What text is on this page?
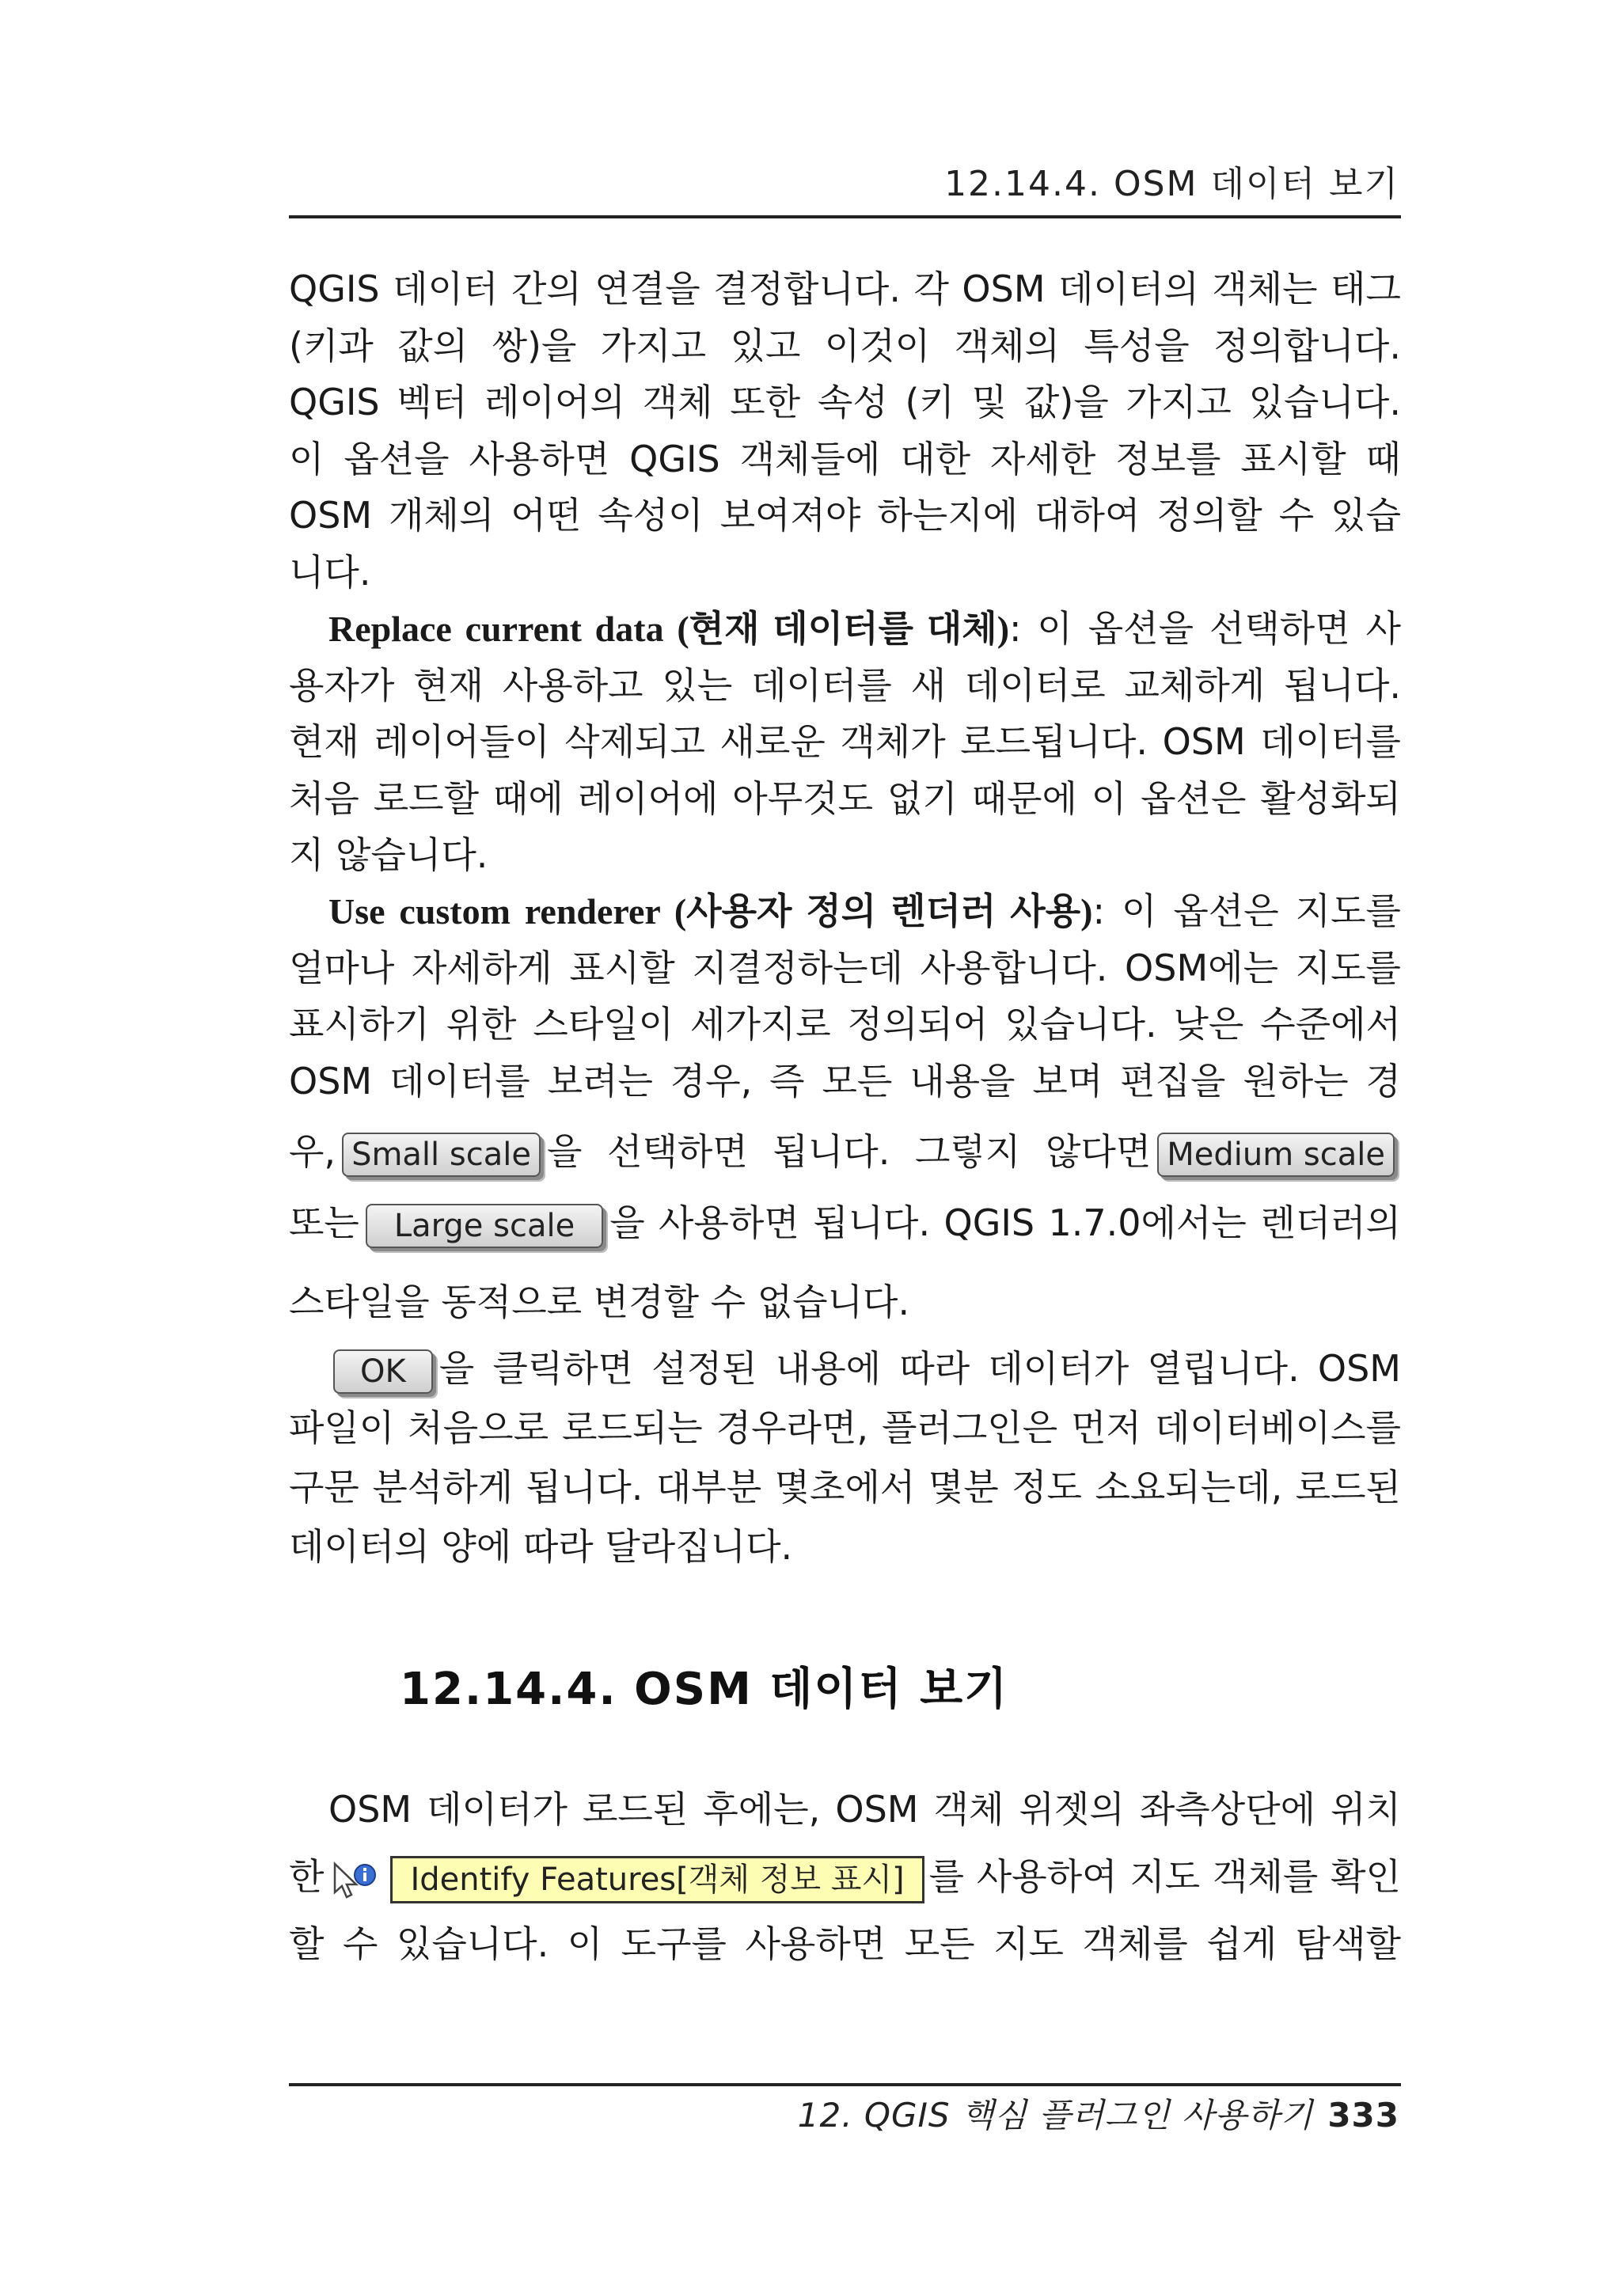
12.14.4. OSM 데이터 보기
QGIS 데이터 간의 연결을 결정합니다. 각 OSM 데이터의 객체는 태그
(키과 값의 쌍)을 가지고 있고 이것이 객체의 특성을 정의합니다.
QGIS 벡터 레이어의 객체 또한 속성 (키 및 값)을 가지고 있습니다.
이 옵션을 사용하면 QGIS 객체들에 대한 자세한 정보를 표시할 때
OSM 개체의 어떤 속성이 보여져야 하는지에 대하여 정의할 수 있습
니다.
Replace current data (현재 데이터를 대체): 이 옵션을 선택하면 사
용자가 현재 사용하고 있는 데이터를 새 데이터로 교체하게 됩니다.
현재 레이어들이 삭제되고 새로운 객체가 로드됩니다. OSM 데이터를
처음 로드할 때에 레이어에 아무것도 없기 때문에 이 옵션은 활성화되
지 않습니다.
Use custom renderer (사용자 정의 렌더러 사용): 이 옵션은 지도를
얼마나 자세하게 표시할 지결정하는데 사용합니다. OSM에는 지도를
표시하기 위한 스타일이 세가지로 정의되어 있습니다. 낮은 수준에서
OSM 데이터를 보려는 경우, 즉 모든 내용을 보며 편집을 원하는 경
우, Small scale 을 선택하면 됩니다. 그렇지 않다면 Medium scale
또는 Large scale 을 사용하면 됩니다. QGIS 1.7.0에서는 렌더러의
스타일을 동적으로 변경할 수 없습니다.
OK 을 클릭하면 설정된 내용에 따라 데이터가 열립니다. OSM
파일이 처음으로 로드되는 경우라면, 플러그인은 먼저 데이터베이스를
구문 분석하게 됩니다. 대부분 몇초에서 몇분 정도 소요되는데, 로드된
데이터의 양에 따라 달라집니다.
12.14.4. OSM 데이터 보기
OSM 데이터가 로드된 후에는, OSM 객체 위젯의 좌측상단에 위치
한	Identify Features[객체 정보 표시] 를 사용하여 지도 객체를 확인
할 수 있습니다. 이 도구를 사용하면 모든 지도 객체를 쉽게 탐색할
12. QGIS 핵심 플러그인 사용하기 333
